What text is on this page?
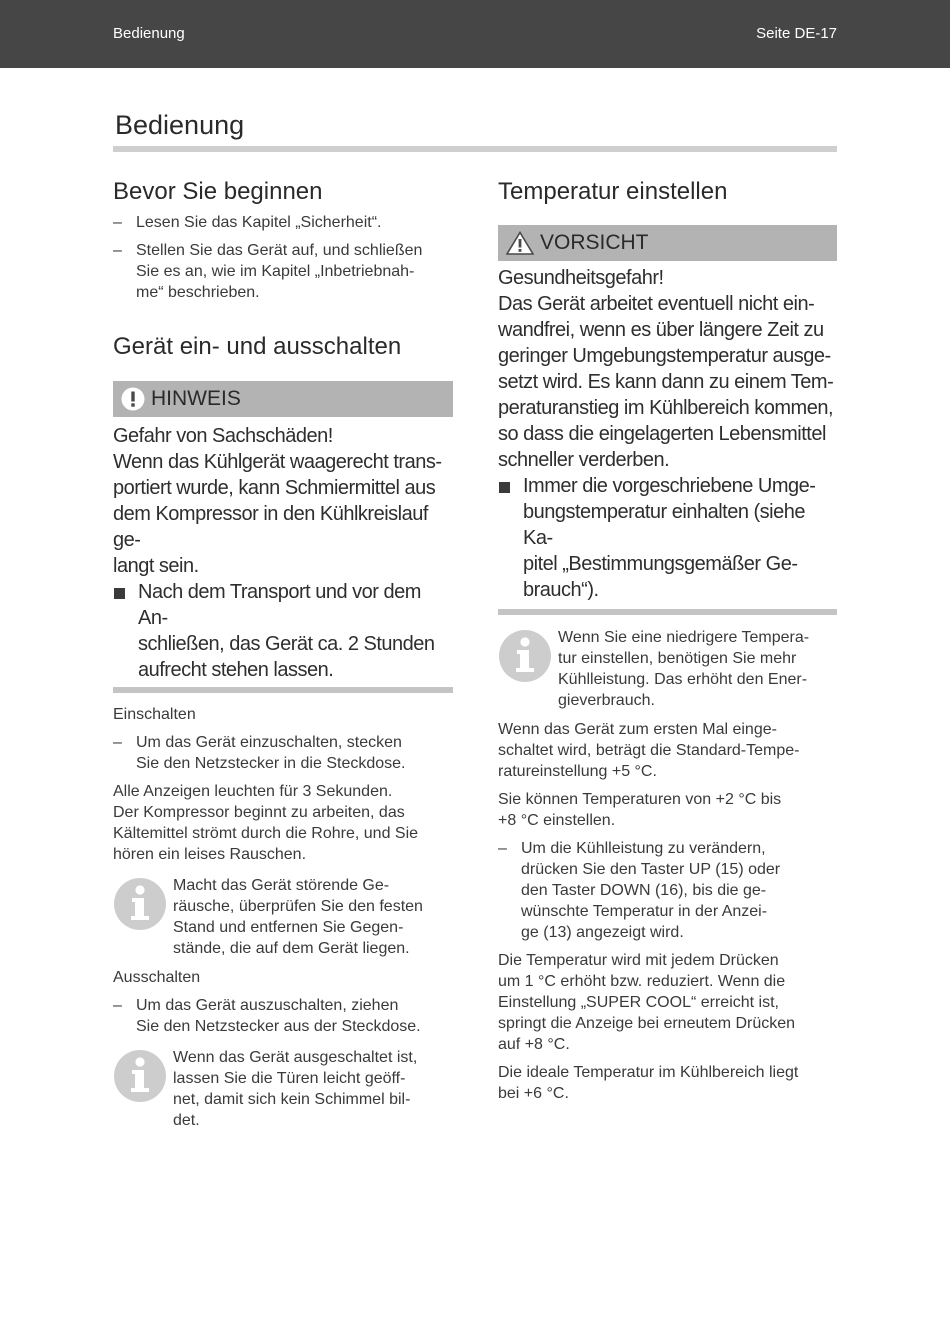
Bedienung	Seite DE-17
Bedienung
Bevor Sie beginnen
– Lesen Sie das Kapitel „Sicherheit“.
– Stellen Sie das Gerät auf, und schließen
Sie es an, wie im Kapitel „Inbetriebnah-
me“ beschrieben.
Gerät ein- und ausschalten
HINWEIS
Gefahr von Sachschäden!
Wenn das Kühlgerät waagerecht trans-
portiert wurde, kann Schmiermittel aus
dem Kompressor in den Kühlkreislauf ge-
langt sein.
Nach dem Transport und vor dem An-
schließen, das Gerät ca. 2 Stunden
aufrecht stehen lassen.
Einschalten
– Um das Gerät einzuschalten, stecken
Sie den Netzstecker in die Steckdose.
Alle Anzeigen leuchten für 3 Sekunden.
Der Kompressor beginnt zu arbeiten, das
Kältemittel strömt durch die Rohre, und Sie
hören ein leises Rauschen.
Macht das Gerät störende Ge-
räusche, überprüfen Sie den festen
Stand und entfernen Sie Gegen-
stände, die auf dem Gerät liegen.
Ausschalten
– Um das Gerät auszuschalten, ziehen
Sie den Netzstecker aus der Steckdose.
Wenn das Gerät ausgeschaltet ist,
lassen Sie die Türen leicht geöff-
net, damit sich kein Schimmel bil-
det.
Temperatur einstellen
VORSICHT
Gesundheitsgefahr!
Das Gerät arbeitet eventuell nicht ein-
wandfrei, wenn es über längere Zeit zu
geringer Umgebungstemperatur ausge-
setzt wird. Es kann dann zu einem Tem-
peraturanstieg im Kühlbereich kommen,
so dass die eingelagerten Lebensmittel
schneller verderben.
Immer die vorgeschriebene Umge-
bungstemperatur einhalten (siehe Ka-
pitel „Bestimmungsgemäßer Ge-
brauch“).
Wenn Sie eine niedrigere Tempera-
tur einstellen, benötigen Sie mehr
Kühlleistung. Das erhöht den Ener-
gieverbrauch.
Wenn das Gerät zum ersten Mal einge-
schaltet wird, beträgt die Standard-Tempe-
ratureinstellung +5 °C.
Sie können Temperaturen von +2 °C bis
+8 °C einstellen.
– Um die Kühlleistung zu verändern,
drücken Sie den Taster UP (15) oder
den Taster DOWN (16), bis die ge-
wünschte Temperatur in der Anzei-
ge (13) angezeigt wird.
Die Temperatur wird mit jedem Drücken
um 1 °C erhöht bzw. reduziert. Wenn die
Einstellung „SUPER COOL“ erreicht ist,
springt die Anzeige bei erneutem Drücken
auf +8 °C.
Die ideale Temperatur im Kühlbereich liegt
bei +6 °C.
